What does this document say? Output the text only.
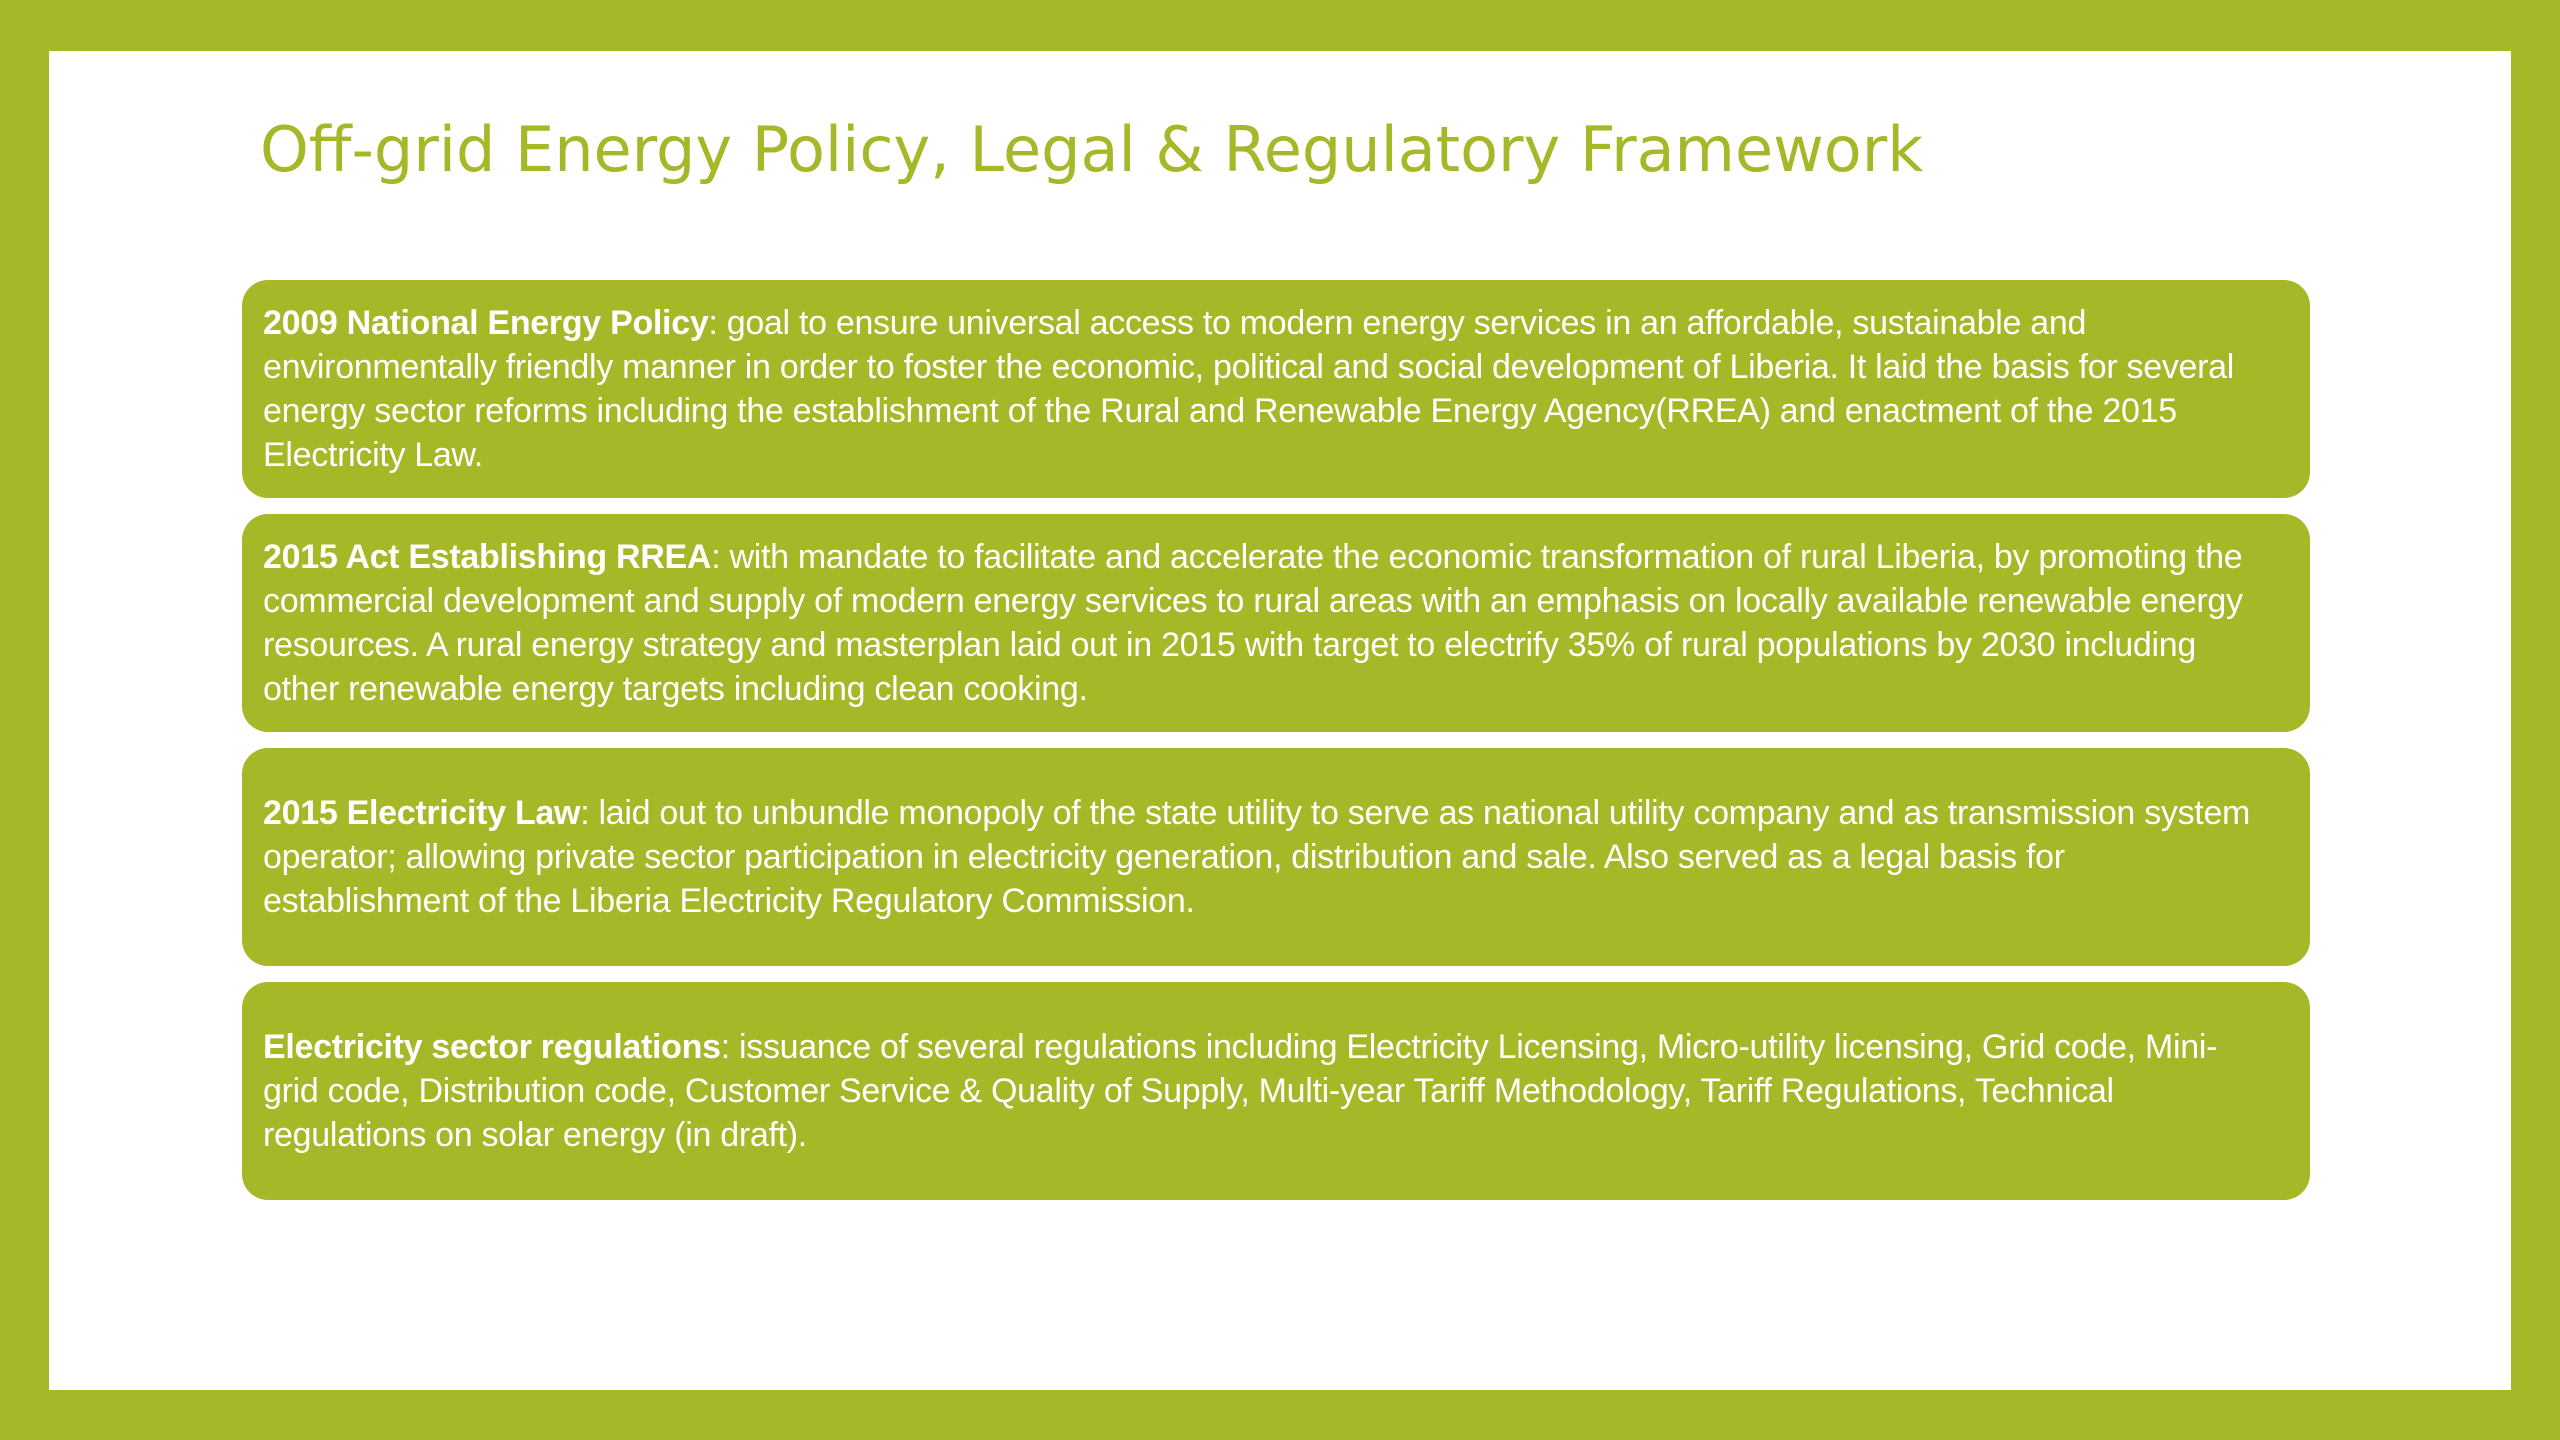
Off-grid Energy Policy, Legal & Regulatory Framework

2009 National Energy Policy: goal to ensure universal access to modern energy services in an affordable, sustainable and environmentally friendly manner in order to foster the economic, political and social development of Liberia. It laid the basis for several energy sector reforms including the establishment of the Rural and Renewable Energy Agency(RREA) and enactment of the 2015 Electricity Law.

2015 Act Establishing RREA: with mandate to facilitate and accelerate the economic transformation of rural Liberia, by promoting the commercial development and supply of modern energy services to rural areas with an emphasis on locally available renewable energy resources. A rural energy strategy and masterplan laid out in 2015 with target to electrify 35% of rural populations by 2030 including other renewable energy targets including clean cooking.

2015 Electricity Law: laid out to unbundle monopoly of the state utility to serve as national utility company and as transmission system operator; allowing private sector participation in electricity generation, distribution and sale. Also served as a legal basis for establishment of the Liberia Electricity Regulatory Commission.

Electricity sector regulations: issuance of several regulations including Electricity Licensing, Micro-utility licensing, Grid code, Mini-grid code, Distribution code, Customer Service & Quality of Supply, Multi-year Tariff Methodology, Tariff Regulations, Technical regulations on solar energy (in draft).
